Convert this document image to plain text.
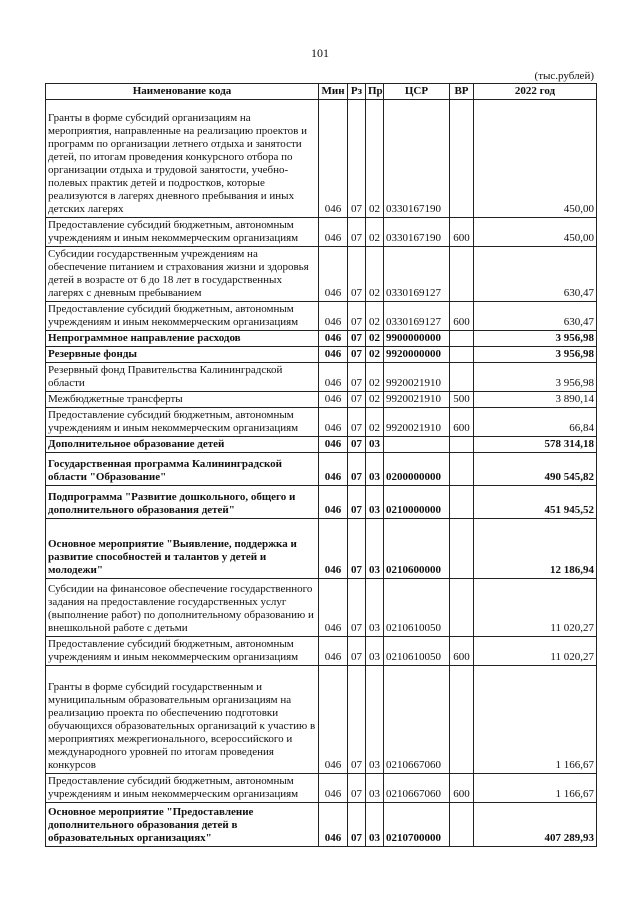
101
(тыс.рублей)
Наименование кода	Мин	Рз	Пр	ЦСР	ВР	2022 год
Гранты в форме субсидий организациям на мероприятия, направленные на реализацию проектов и программ по организации летнего отдыха и занятости детей, по итогам проведения конкурсного отбора по организации отдыха и трудовой занятости, учебно-полевых практик детей и подростков, которые реализуются в лагерях дневного пребывания и иных детских лагерях	046	07	02	0330167190		450,00
Предоставление субсидий бюджетным, автономным учреждениям и иным некоммерческим организациям	046	07	02	0330167190	600	450,00
Субсидии государственным учреждениям на обеспечение питанием и страхования жизни и здоровья детей в возрасте от 6 до 18 лет в государственных лагерях с дневным пребыванием	046	07	02	0330169127		630,47
Предоставление субсидий бюджетным, автономным учреждениям и иным некоммерческим организациям	046	07	02	0330169127	600	630,47
Непрограммное направление расходов	046	07	02	9900000000		3 956,98
Резервные фонды	046	07	02	9920000000		3 956,98
Резервный фонд Правительства Калининградской области	046	07	02	9920021910		3 956,98
Межбюджетные трансферты	046	07	02	9920021910	500	3 890,14
Предоставление субсидий бюджетным, автономным учреждениям и иным некоммерческим организациям	046	07	02	9920021910	600	66,84
Дополнительное образование детей	046	07	03			578 314,18
Государственная программа Калининградской области "Образование"	046	07	03	0200000000		490 545,82
Подпрограмма "Развитие дошкольного, общего и дополнительного образования детей"	046	07	03	0210000000		451 945,52
Основное мероприятие "Выявление, поддержка и развитие способностей и талантов у детей и молодежи"	046	07	03	0210600000		12 186,94
Субсидии на финансовое обеспечение государственного задания на предоставление государственных услуг (выполнение работ) по дополнительному образованию и внешкольной работе с детьми	046	07	03	0210610050		11 020,27
Предоставление субсидий бюджетным, автономным учреждениям и иным некоммерческим организациям	046	07	03	0210610050	600	11 020,27
Гранты в форме субсидий государственным и муниципальным образовательным организациям на реализацию проекта по обеспечению подготовки обучающихся образовательных организаций к участию в мероприятиях межрегионального, всероссийского и международного уровней по итогам проведения конкурсов	046	07	03	0210667060		1 166,67
Предоставление субсидий бюджетным, автономным учреждениям и иным некоммерческим организациям	046	07	03	0210667060	600	1 166,67
Основное мероприятие "Предоставление дополнительного образования детей в образовательных организациях"	046	07	03	0210700000		407 289,93
